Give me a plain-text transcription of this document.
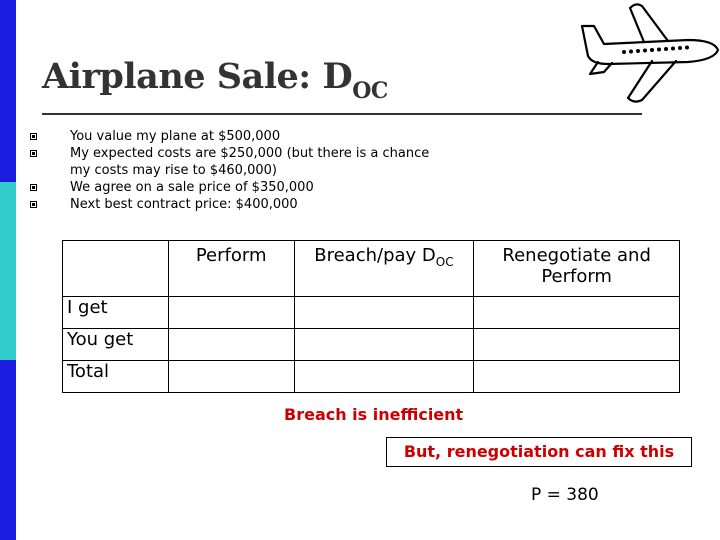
Airplane Sale: $D_{OC}$

You value my plane at $500,000

My expected costs are $250,000 (but there is a chance my costs may rise to $460,000)

We agree on a sale price of $350,000

Next best contract price: $400,000

	Perform	Breach/pay $D_{OC}$	Renegotiate and Perform
I get			
You get			
Total			
Breach is inefficient
But, renegotiation can fix this
P = 380
